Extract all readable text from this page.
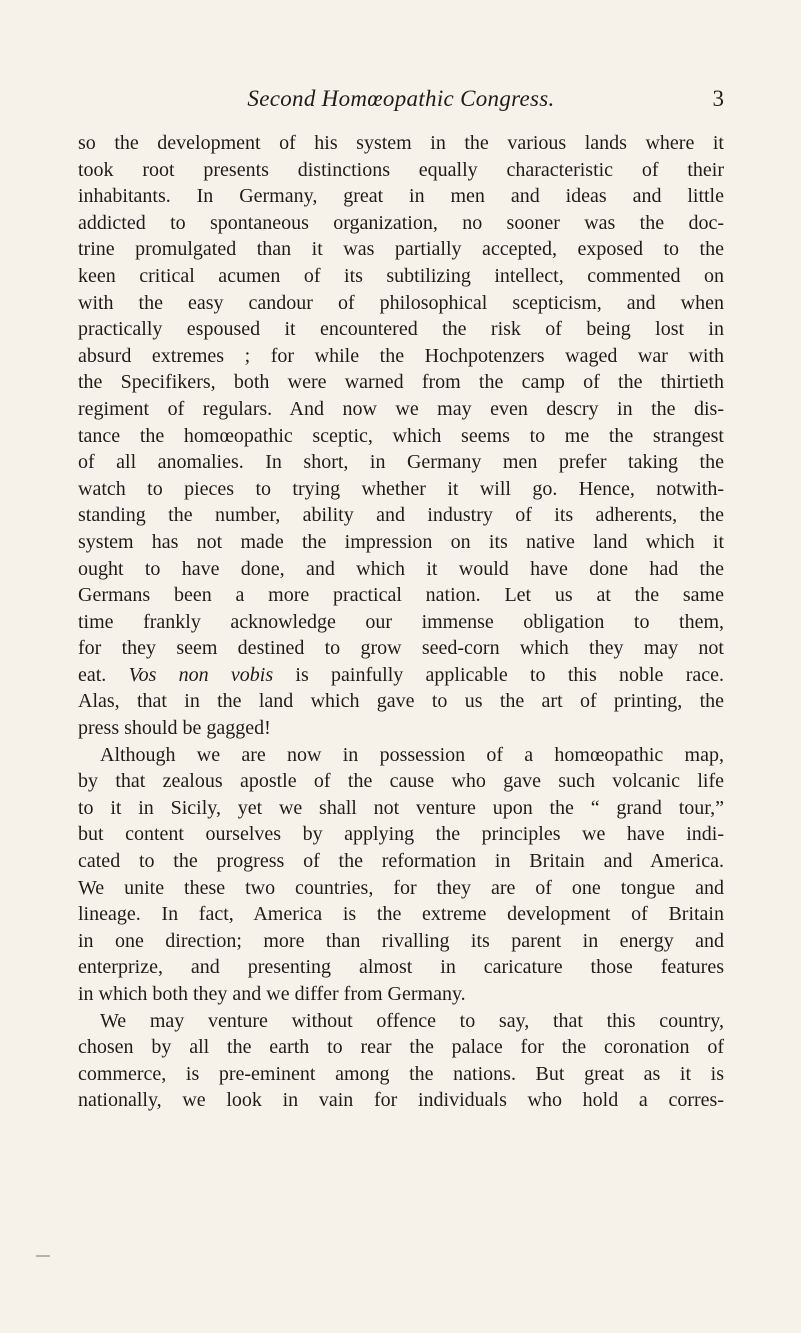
Second Homœopathic Congress.	3
so the development of his system in the various lands where it
took root presents distinctions equally characteristic of their
inhabitants. In Germany, great in men and ideas and little
addicted to spontaneous organization, no sooner was the doc-
trine promulgated than it was partially accepted, exposed to the
keen critical acumen of its subtilizing intellect, commented on
with the easy candour of philosophical scepticism, and when
practically espoused it encountered the risk of being lost in
absurd extremes ; for while the Hochpotenzers waged war with
the Specifikers, both were warned from the camp of the thirtieth
regiment of regulars. And now we may even descry in the dis-
tance the homœopathic sceptic, which seems to me the strangest
of all anomalies. In short, in Germany men prefer taking the
watch to pieces to trying whether it will go. Hence, notwith-
standing the number, ability and industry of its adherents, the
system has not made the impression on its native land which it
ought to have done, and which it would have done had the
Germans been a more practical nation. Let us at the same
time frankly acknowledge our immense obligation to them,
for they seem destined to grow seed-corn which they may not
eat. Vos non vobis is painfully applicable to this noble race.
Alas, that in the land which gave to us the art of printing, the
press should be gagged!
Although we are now in possession of a homœopathic map,
by that zealous apostle of the cause who gave such volcanic life
to it in Sicily, yet we shall not venture upon the “ grand tour,”
but content ourselves by applying the principles we have indi-
cated to the progress of the reformation in Britain and America.
We unite these two countries, for they are of one tongue and
lineage. In fact, America is the extreme development of Britain
in one direction; more than rivalling its parent in energy and
enterprize, and presenting almost in caricature those features
in which both they and we differ from Germany.
We may venture without offence to say, that this country,
chosen by all the earth to rear the palace for the coronation of
commerce, is pre-eminent among the nations. But great as it is
nationally, we look in vain for individuals who hold a corres-
